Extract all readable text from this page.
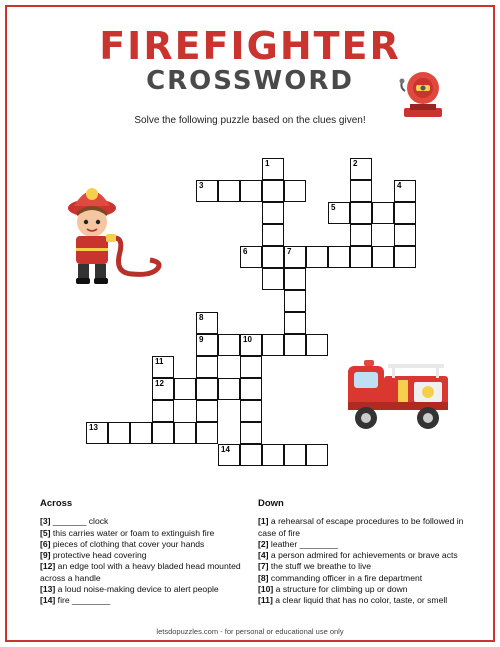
FIREFIGHTER
CROSSWORD
Solve the following puzzle based on the clues given!
1	2
3	4
5
6	7
8
9	10
11
12
13
14
Across
[3] _______ clock
[5] this carries water or foam to extinguish fire
[6] pieces of clothing that cover your hands
[9] protective head covering
[12] an edge tool with a heavy bladed head mounted across a handle
[13] a loud noise-making device to alert people
[14] fire ________
Down
[1] a rehearsal of escape procedures to be followed in case of fire
[2] leather ________
[4] a person admired for achievements or brave acts
[7] the stuff we breathe to live
[8] commanding officer in a fire department
[10] a structure for climbing up or down
[11] a clear liquid that has no color, taste, or smell
letsdopuzzles.com - for personal or educational use only
